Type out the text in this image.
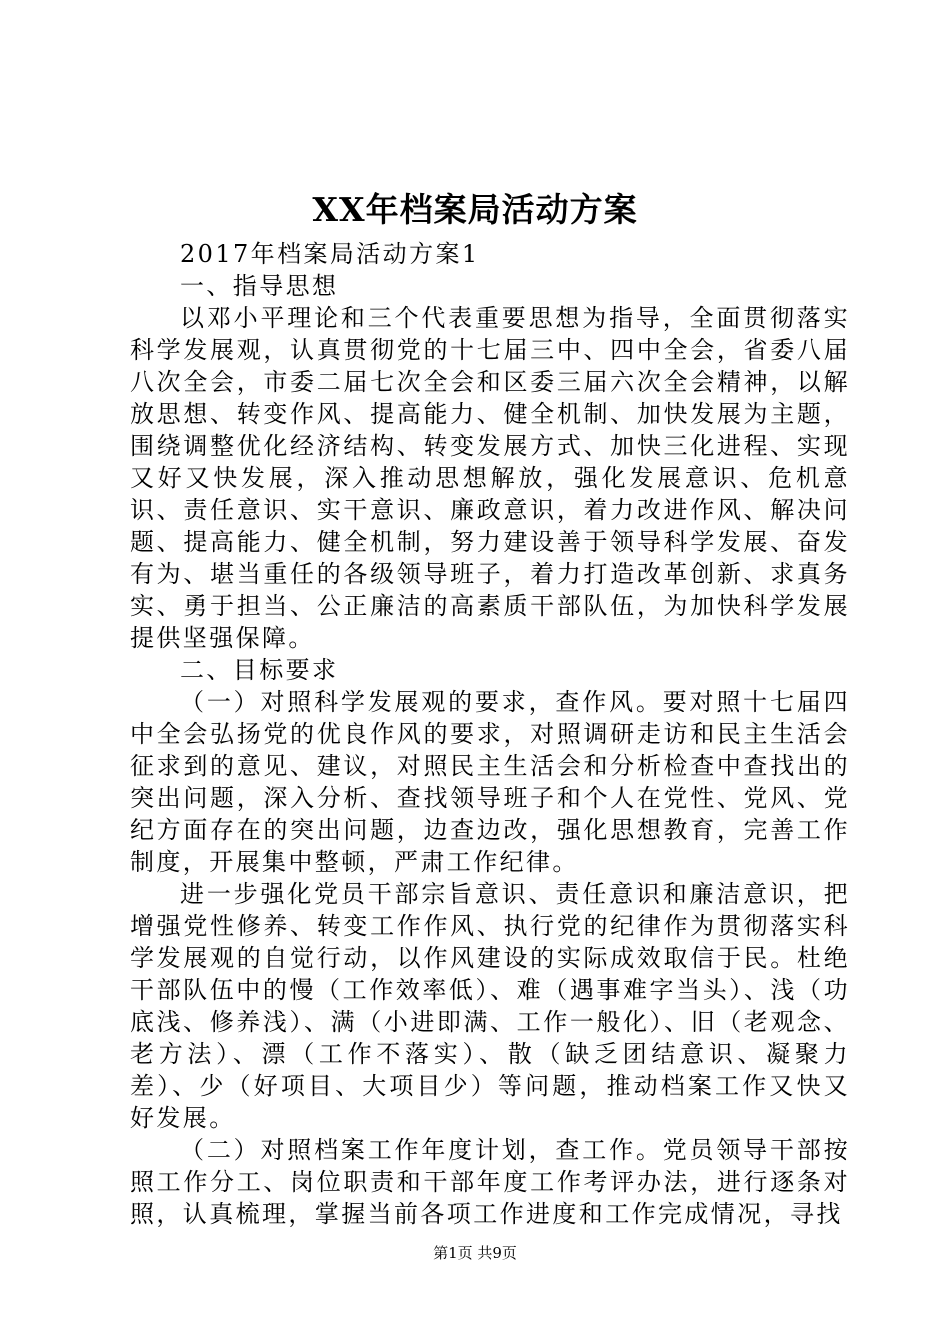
XX年档案局活动方案

2017年档案局活动方案1

一、指导思想

以邓小平理论和三个代表重要思想为指导，全面贯彻落实科学发展观，认真贯彻党的十七届三中、四中全会，省委八届八次全会，市委二届七次全会和区委三届六次全会精神，以解放思想、转变作风、提高能力、健全机制、加快发展为主题，围绕调整优化经济结构、转变发展方式、加快三化进程、实现又好又快发展，深入推动思想解放，强化发展意识、危机意识、责任意识、实干意识、廉政意识，着力改进作风、解决问题、提高能力、健全机制，努力建设善于领导科学发展、奋发有为、堪当重任的各级领导班子，着力打造改革创新、求真务实、勇于担当、公正廉洁的高素质干部队伍，为加快科学发展提供坚强保障。

二、目标要求

（一）对照科学发展观的要求，查作风。要对照十七届四中全会弘扬党的优良作风的要求，对照调研走访和民主生活会征求到的意见、建议，对照民主生活会和分析检查中查找出的突出问题，深入分析、查找领导班子和个人在党性、党风、党纪方面存在的突出问题，边查边改，强化思想教育，完善工作制度，开展集中整顿，严肃工作纪律。

进一步强化党员干部宗旨意识、责任意识和廉洁意识，把增强党性修养、转变工作作风、执行党的纪律作为贯彻落实科学发展观的自觉行动，以作风建设的实际成效取信于民。杜绝干部队伍中的慢（工作效率低）、难（遇事难字当头）、浅（功底浅、修养浅）、满（小进即满、工作一般化）、旧（老观念、老方法）、漂（工作不落实）、散（缺乏团结意识、凝聚力差）、少（好项目、大项目少）等问题，推动档案工作又快又好发展。

（二）对照档案工作年度计划，查工作。党员领导干部按照工作分工、岗位职责和干部年度工作考评办法，进行逐条对照，认真梳理，掌握当前各项工作进度和工作完成情况，寻找

第1页 共9页
